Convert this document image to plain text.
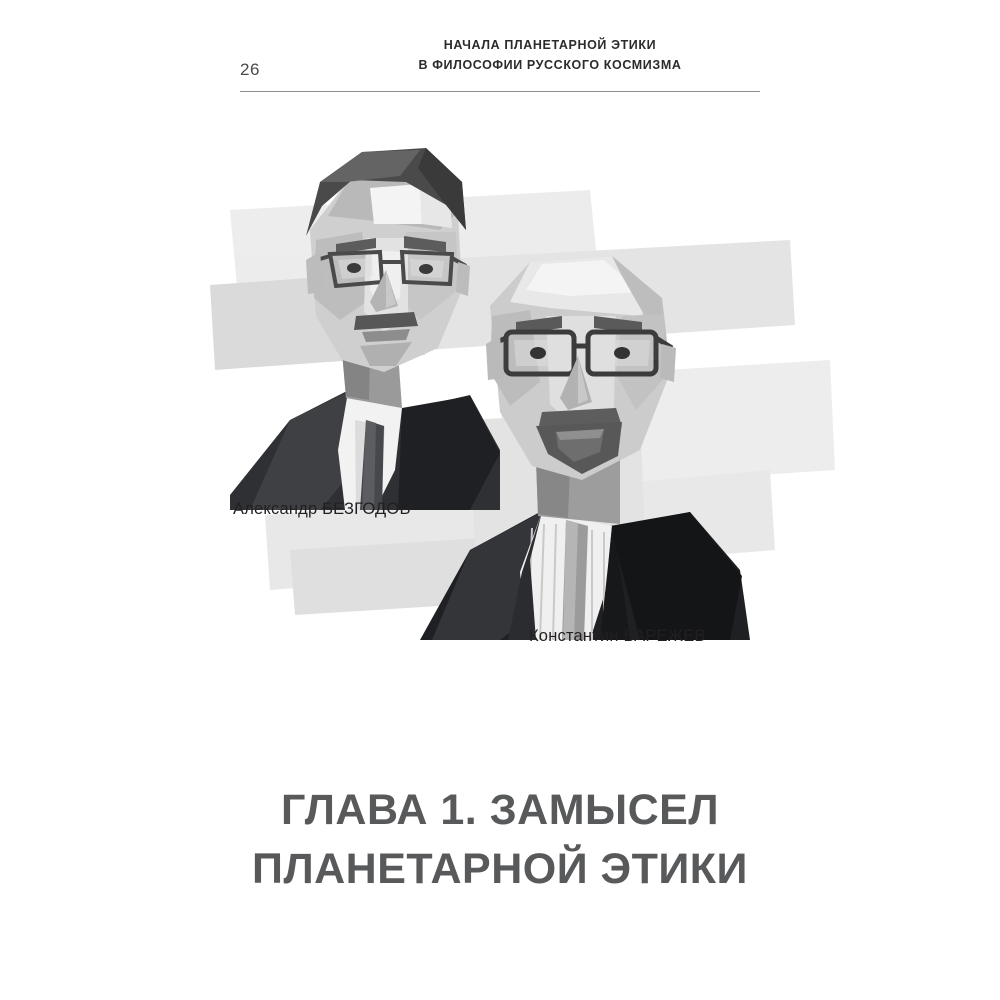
26
НАЧАЛА ПЛАНЕТАРНОЙ ЭТИКИ
В ФИЛОСОФИИ РУССКОГО КОСМИЗМА
Александр БЕЗГОДОВ
Константин БАРЕЖЕВ
ГЛАВА 1. ЗАМЫСЕЛ
ПЛАНЕТАРНОЙ ЭТИКИ
